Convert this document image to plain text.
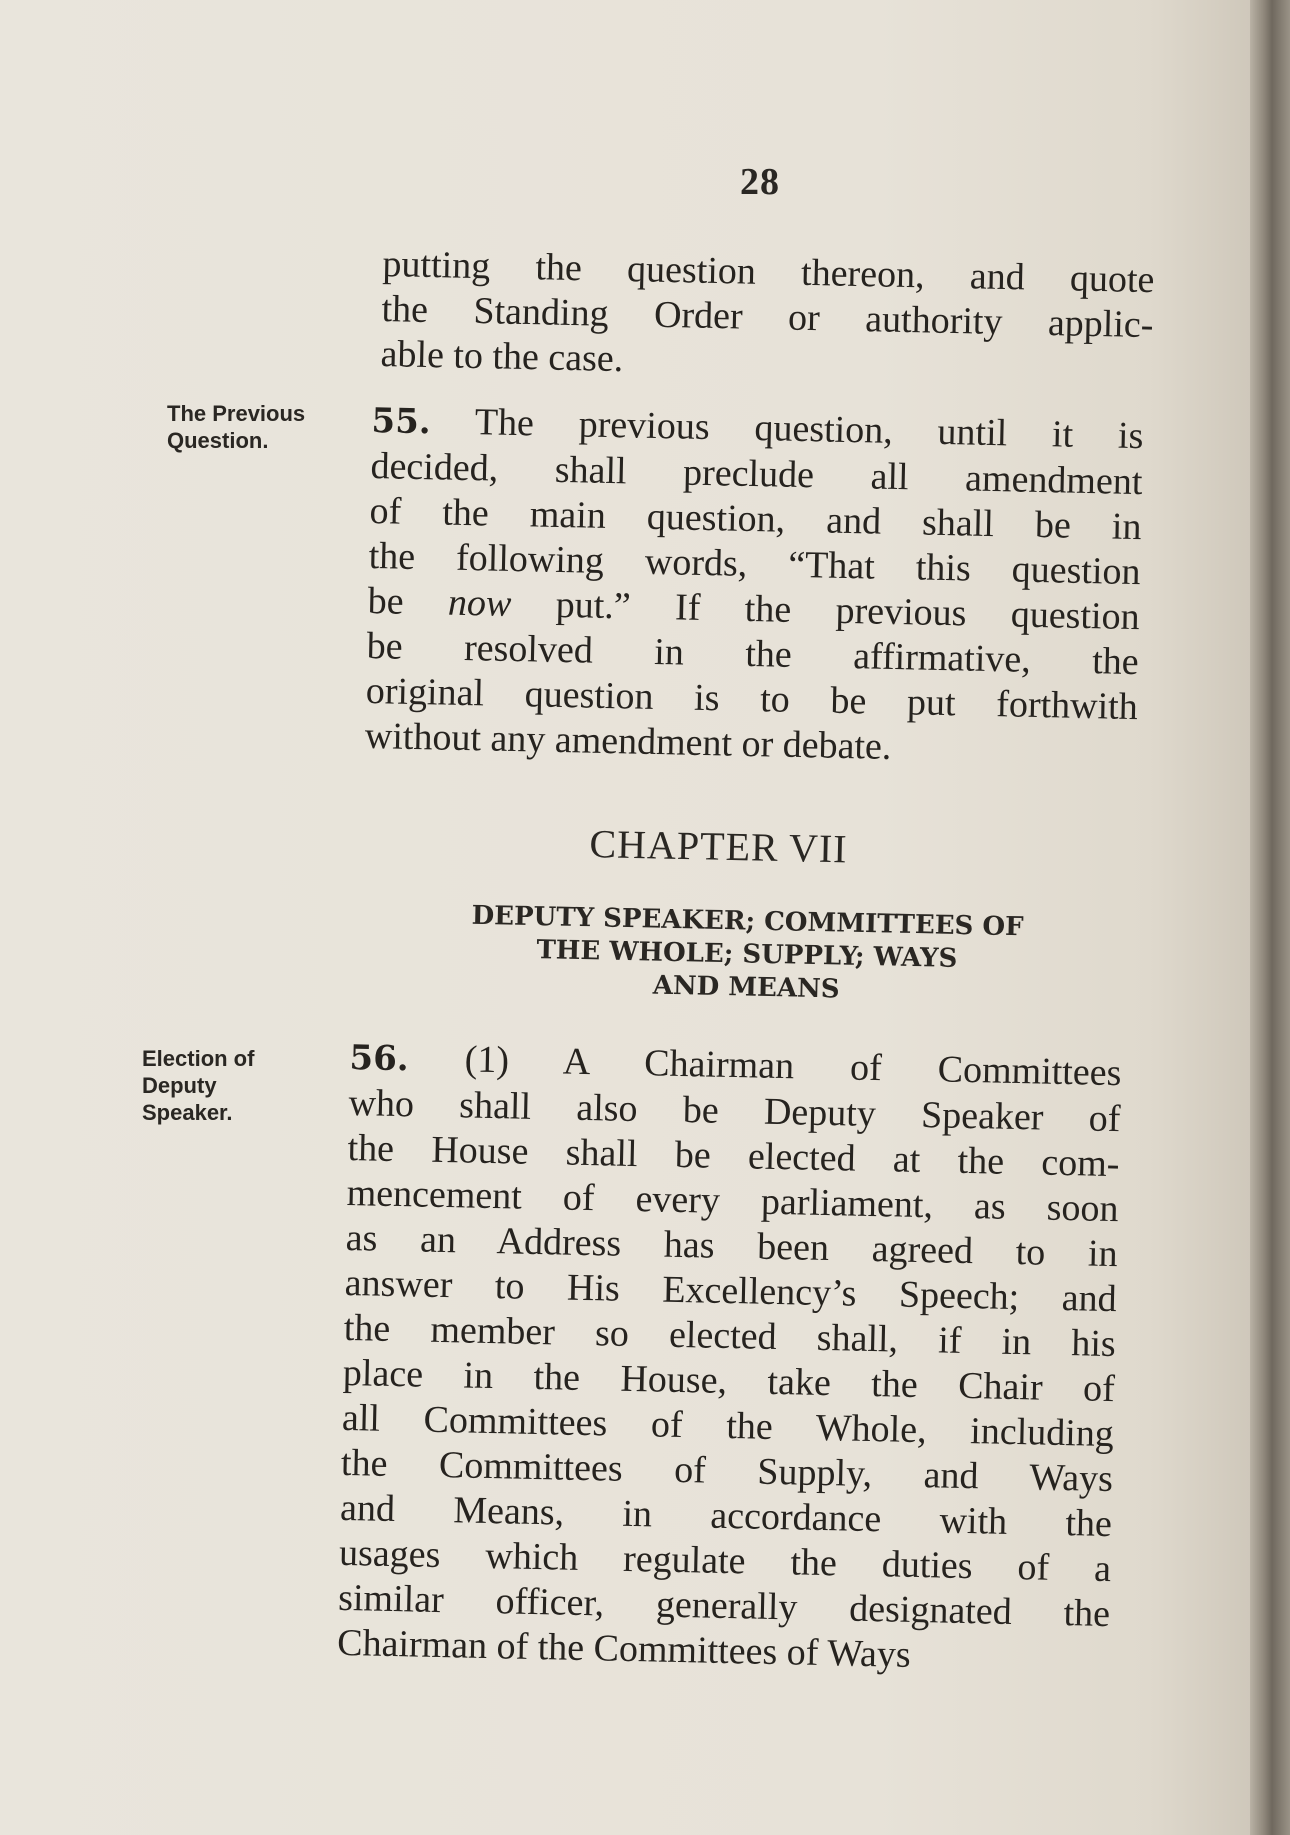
28
putting the question thereon, and quote
the Standing Order or authority applic-
able to the case.
The Previous
Question.	55. The previous question, until it is
decided, shall preclude all amendment
of the main question, and shall be in
the following words, “That this question
be now put.” If the previous question
be resolved in the affirmative, the
original question is to be put forthwith
without any amendment or debate.
CHAPTER VII
DEPUTY SPEAKER; COMMITTEES OF
THE WHOLE; SUPPLY; WAYS
AND MEANS
Election of
Deputy
Speaker.
56. (1) A Chairman of Committees
who shall also be Deputy Speaker of
the House shall be elected at the com-
mencement of every parliament, as soon
as an Address has been agreed to in
answer to His Excellency’s Speech; and
the member so elected shall, if in his
place in the House, take the Chair of
all Committees of the Whole, including
the Committees of Supply, and Ways
and Means, in accordance with the
usages which regulate the duties of a
similar officer, generally designated the
Chairman of the Committees of Ways
